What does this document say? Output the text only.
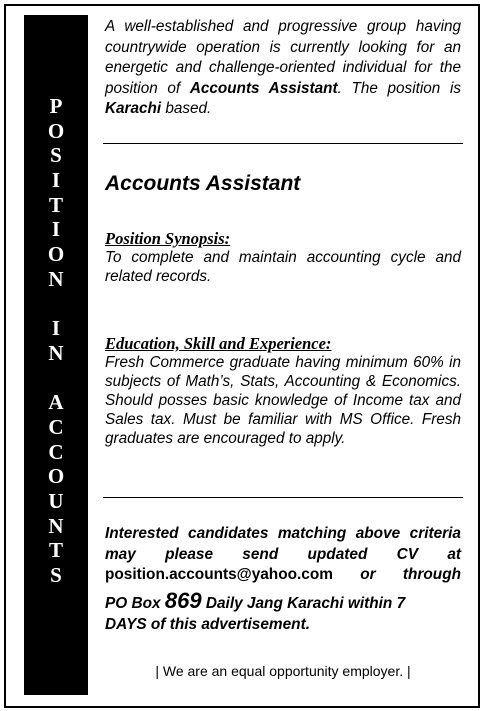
P
O
S
I
T
I
O
N

I
N

A
C
C
O
U
N
T
S

A well-established and progressive group having countrywide operation is currently looking for an energetic and challenge-oriented individual for the position of Accounts Assistant. The position is Karachi based.

Accounts Assistant
Position Synopsis:

To complete and maintain accounting cycle and related records.

Education, Skill and Experience:

Fresh Commerce graduate having minimum 60% in subjects of Math’s, Stats, Accounting & Economics. Should posses basic knowledge of Income tax and Sales tax. Must be familiar with MS Office. Fresh graduates are encouraged to apply.

Interested candidates matching above criteria
may please send updated CV at
position.accounts@yahoo.com or through
PO Box 869 Daily Jang Karachi within 7
DAYS of this advertisement.
| We are an equal opportunity employer. |
